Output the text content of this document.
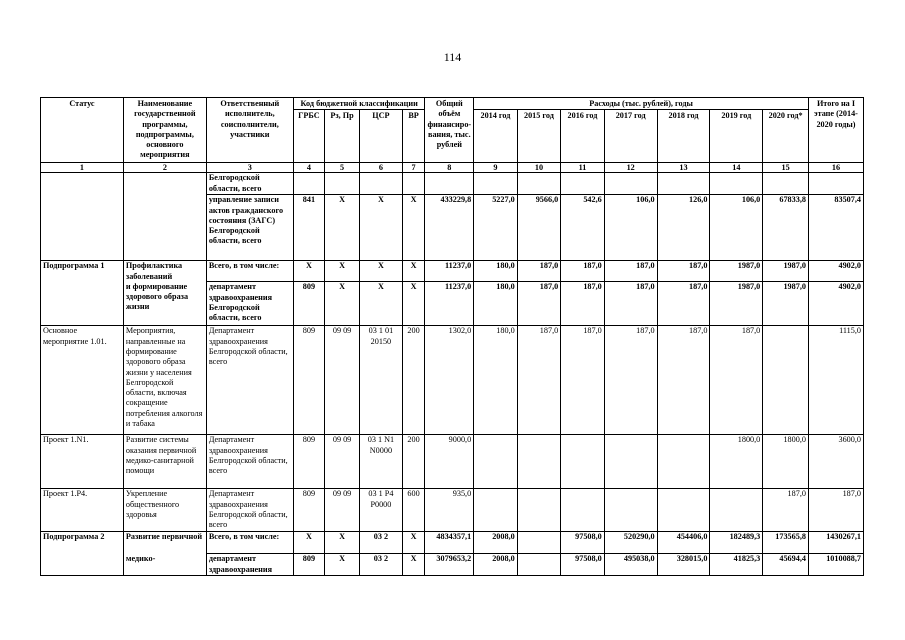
114
Статус	Наименование государственной программы, подпрограммы, основного мероприятия	Ответственный исполнитель, соисполнители, участники	Код бюджетной классификации				Общий объём финансиро- вания, тыс. рублей	Расходы (тыс. рублей), годы							Итого на I этапе (2014- 2020 годы)
			ГРБС	Рз, Пр	ЦСР	ВР		2014 год	2015 год	2016 год	2017 год	2018 год	2019 год	2020 год*	
1	2	3	4	5	6	7	8	9	10	11	12	13	14	15	16
		Белгородской области, всего													
		управление записи актов гражданского состояния (ЗАГС) Белгородской области, всего	841	Х	Х	Х	433229,8	5227,0	9566,0	542,6	106,0	126,0	106,0	67833,8	83507,4
Подпрограмма 1	Профилактика заболеваний	Всего, в том числе:	Х	Х	Х	Х	11237,0	180,0	187,0	187,0	187,0	187,0	1987,0	1987,0	4902,0
	и формирование здорового образа жизни	департамент здравоохранения Белгородской области, всего	809	Х	Х	Х	11237,0	180,0	187,0	187,0	187,0	187,0	1987,0	1987,0	4902,0
Основное мероприятие 1.01.	Мероприятия, направленные на формирование здорового образа жизни у населения Белгородской области, включая сокращение потребления алкоголя и табака	Департамент здравоохранения Белгородской области, всего	809	09 09	03 1 01 20150	200	1302,0	180,0	187,0	187,0	187,0	187,0	187,0		1115,0
Проект 1.N1.	Развитие системы оказания первичной медико-санитарной помощи	Департамент здравоохранения Белгородской области, всего	809	09 09	03 1 N1 N0000	200	9000,0						1800,0	1800,0	3600,0
Проект 1.Р4.	Укрепление общественного здоровья	Департамент здравоохранения Белгородской области, всего	809	09 09	03 1 Р4 Р0000	600	935,0							187,0	187,0
Подпрограмма 2	Развитие первичной	Всего, в том числе:	Х	Х	03 2	Х	4834357,1	2008,0		97508,0	520290,0	454406,0	182489,3	173565,8	1430267,1
	медико-	департамент здравоохранения	809	Х	03 2	Х	3079653,2	2008,0		97508,0	495038,0	328015,0	41825,3	45694,4	1010088,7
